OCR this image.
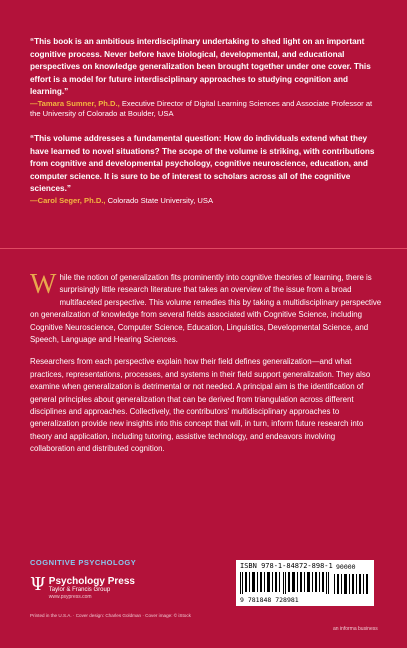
“This book is an ambitious interdisciplinary undertaking to shed light on an important cognitive process. Never before have biological, developmental, and educational perspectives on knowledge generalization been brought together under one cover. This effort is a model for future interdisciplinary approaches to studying cognition and learning.”

—Tamara Sumner, Ph.D., Executive Director of Digital Learning Sciences and Associate Professor at the University of Colorado at Boulder, USA

“This volume addresses a fundamental question: How do individuals extend what they have learned to novel situations? The scope of the volume is striking, with contributions from cognitive and developmental psychology, cognitive neuroscience, education, and computer science. It is sure to be of interest to scholars across all of the cognitive sciences.”

—Carol Seger, Ph.D., Colorado State University, USA

While the notion of generalization fits prominently into cognitive theories of learning, there is surprisingly little research literature that takes an overview of the issue from a broad multifaceted perspective. This volume remedies this by taking a multidisciplinary perspective on generalization of knowledge from several fields associated with Cognitive Science, including Cognitive Neuroscience, Computer Science, Education, Linguistics, Developmental Science, and Speech, Language and Hearing Sciences.

Researchers from each perspective explain how their field defines generalization—and what practices, representations, processes, and systems in their field support generalization. They also examine when generalization is detrimental or not needed. A principal aim is the identification of general principles about generalization that can be derived from triangulation across different disciplines and approaches. Collectively, the contributors' multidisciplinary approaches to generalization provide new insights into this concept that will, in turn, inform future research into theory and application, including tutoring, assistive technology, and endeavors involving collaboration and distributed cognition.

COGNITIVE PSYCHOLOGY
Ψ Psychology Press
Taylor & Francis Group
www.psypress.com
Printed in the U.S.A. · Cover design: Charles Goldman · Cover image: © iStock
ISBN 978-1-84872-898-1 90000
9 781848 728981
an informa business
